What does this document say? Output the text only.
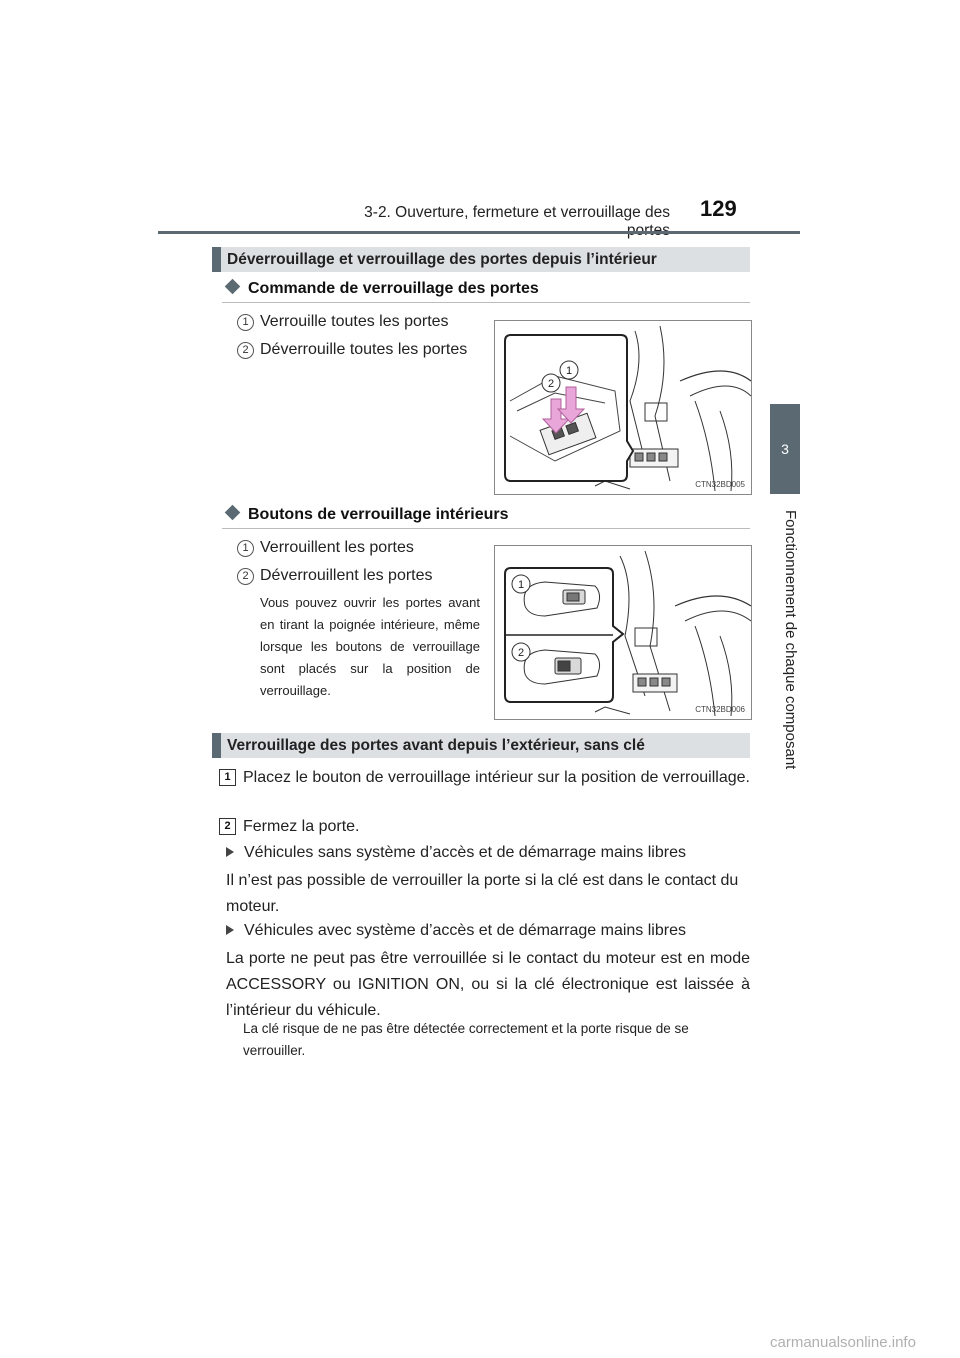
3-2. Ouverture, fermeture et verrouillage des 129
3
Fonctionnement de chaque composant
Déverrouillage et verrouillage des portes depuis l’intérieur
Commande de verrouillage des portes
1 Verrouille toutes les portes
2 Déverrouille toutes les portes
2
1
CTN32BD005
Boutons de verrouillage intérieurs
1 Verrouillent les portes
2 Déverrouillent les portes
Vous pouvez ouvrir les portes avant en tirant la poignée intérieure, même lorsque les boutons de verrouillage sont placés sur la position de verrouillage.
1
2
CTN32BD006
Verrouillage des portes avant depuis l’extérieur, sans clé
1 Placez le bouton de verrouillage intérieur sur la position de verrouillage.
2 Fermez la porte.
Véhicules sans système d’accès et de démarrage mains libres
Il n’est pas possible de verrouiller la porte si la clé est dans le contact du moteur.
Véhicules avec système d’accès et de démarrage mains libres
La porte ne peut pas être verrouillée si le contact du moteur est en mode ACCESSORY ou IGNITION ON, ou si la clé électronique est laissée à l’intérieur du véhicule.
La clé risque de ne pas être détectée correctement et la porte risque de se verrouiller.
carmanualsonline.info
